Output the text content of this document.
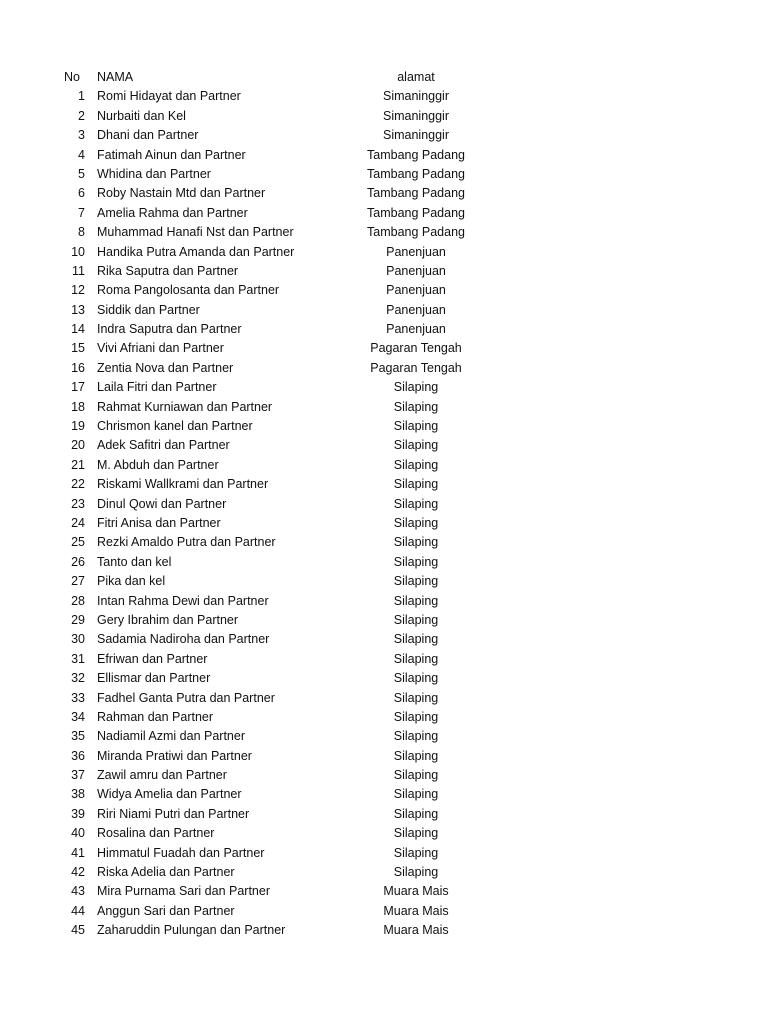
No	NAMA	alamat
1 Romi Hidayat dan Partner	Simaninggir
2 Nurbaiti dan Kel	Simaninggir
3 Dhani dan Partner	Simaninggir
4 Fatimah Ainun dan Partner	Tambang Padang
5 Whidina dan Partner	Tambang Padang
6 Roby Nastain Mtd dan Partner	Tambang Padang
7 Amelia Rahma dan Partner	Tambang Padang
8 Muhammad Hanafi Nst dan Partner	Tambang Padang
10 Handika Putra Amanda dan Partner	Panenjuan
11 Rika Saputra dan Partner	Panenjuan
12 Roma Pangolosanta dan Partner	Panenjuan
13 Siddik dan Partner	Panenjuan
14 Indra Saputra dan Partner	Panenjuan
15 Vivi Afriani dan Partner	Pagaran Tengah
16 Zentia Nova dan Partner	Pagaran Tengah
17 Laila Fitri dan Partner	Silaping
18 Rahmat Kurniawan dan Partner	Silaping
19 Chrismon kanel dan Partner	Silaping
20 Adek Safitri dan Partner	Silaping
21 M. Abduh dan Partner	Silaping
22 Riskami Wallkrami dan Partner	Silaping
23 Dinul Qowi dan Partner	Silaping
24 Fitri Anisa dan Partner	Silaping
25 Rezki Amaldo Putra dan Partner	Silaping
26 Tanto dan kel	Silaping
27 Pika dan kel	Silaping
28 Intan Rahma Dewi dan Partner	Silaping
29 Gery Ibrahim dan Partner	Silaping
30 Sadamia Nadiroha dan Partner	Silaping
31 Efriwan dan Partner	Silaping
32 Ellismar dan Partner	Silaping
33 Fadhel Ganta Putra dan Partner	Silaping
34 Rahman dan Partner	Silaping
35 Nadiamil Azmi dan Partner	Silaping
36 Miranda Pratiwi dan Partner	Silaping
37 Zawil amru dan Partner	Silaping
38 Widya Amelia dan Partner	Silaping
39 Riri Niami Putri dan Partner	Silaping
40 Rosalina dan Partner	Silaping
41 Himmatul Fuadah dan Partner	Silaping
42 Riska Adelia dan Partner	Silaping
43 Mira Purnama Sari dan Partner	Muara Mais
44 Anggun Sari dan Partner	Muara Mais
45 Zaharuddin Pulungan dan Partner	Muara Mais
